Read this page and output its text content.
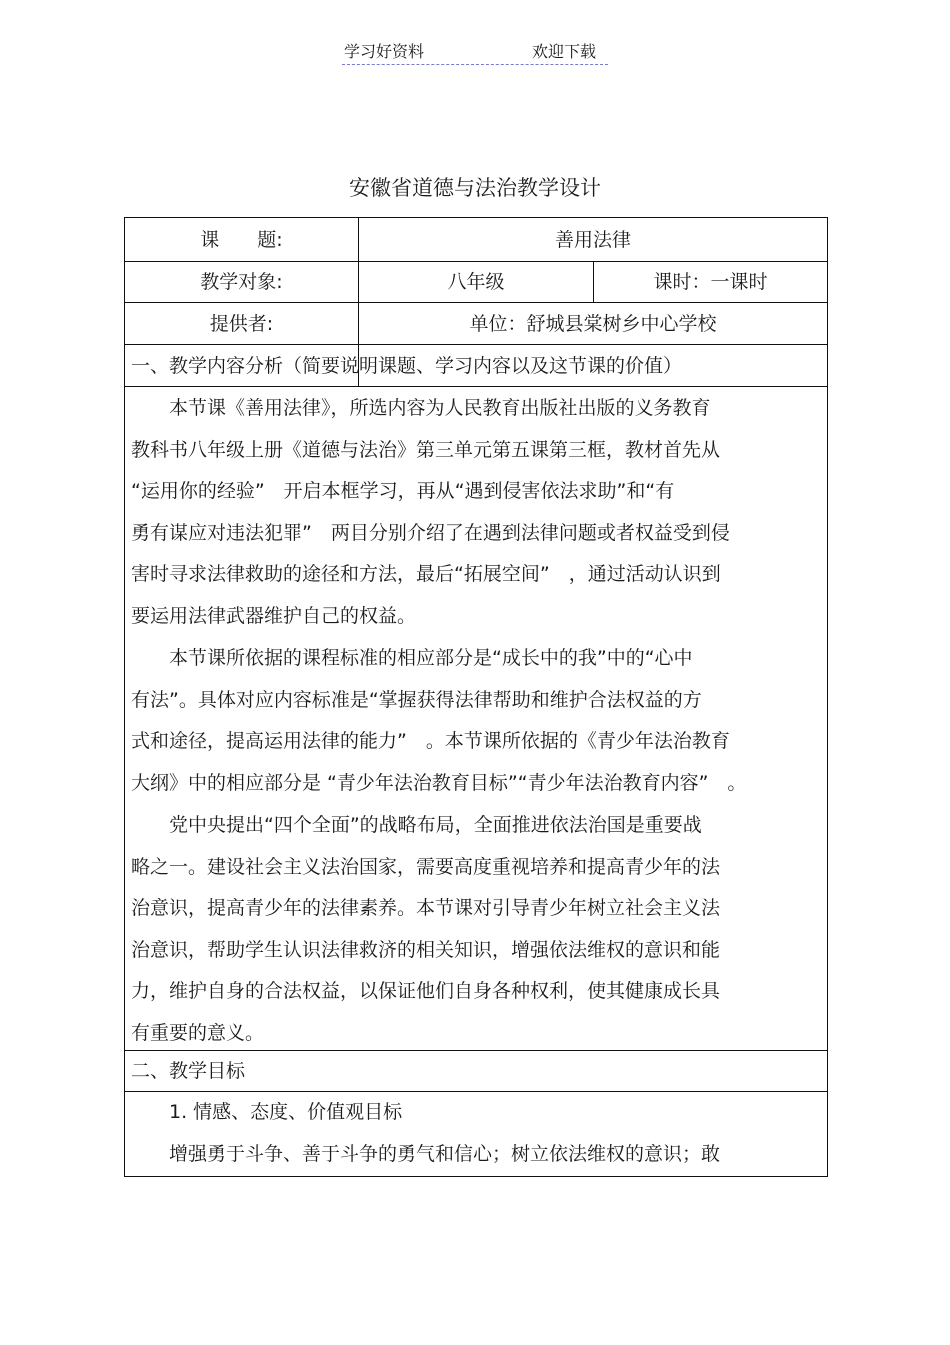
学习好资料	欢迎下载
安徽省道德与法治教学设计
课　　题:	善用法律
教学对象:	八年级	课时：一课时
提供者:	单位：舒城县棠树乡中心学校
一、教学内容分析（简要说明课题、学习内容以及这节课的价值）
　　本节课《善用法律》，所选内容为人民教育出版社出版的义务教育
教科书八年级上册《道德与法治》第三单元第五课第三框，教材首先从
“运用你的经验”　开启本框学习，再从“遇到侵害依法求助”和“有
勇有谋应对违法犯罪”　两目分别介绍了在遇到法律问题或者权益受到侵
害时寻求法律救助的途径和方法，最后“拓展空间”　，通过活动认识到
要运用法律武器维护自己的权益。
　　本节课所依据的课程标准的相应部分是“成长中的我”中的“心中
有法”。具体对应内容标准是“掌握获得法律帮助和维护合法权益的方
式和途径，提高运用法律的能力”　。本节课所依据的《青少年法治教育
大纲》中的相应部分是 “青少年法治教育目标”“青少年法治教育内容”　。
　　党中央提出“四个全面”的战略布局，全面推进依法治国是重要战
略之一。建设社会主义法治国家，需要高度重视培养和提高青少年的法
治意识，提高青少年的法律素养。本节课对引导青少年树立社会主义法
治意识，帮助学生认识法律救济的相关知识，增强依法维权的意识和能
力，维护自身的合法权益，以保证他们自身各种权利，使其健康成长具
有重要的意义。
二、教学目标
　　1. 情感、态度、价值观目标
　　增强勇于斗争、善于斗争的勇气和信心；树立依法维权的意识；敢
